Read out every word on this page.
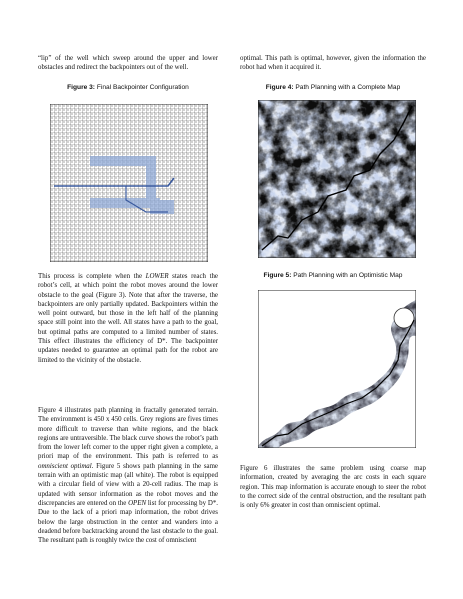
“lip” of the well which sweep around the upper and lower obstacles and redirect the backpointers out of the well.

Figure 3: Final Backpointer Configuration

This process is complete when the LOWER states reach the robot’s cell, at which point the robot moves around the lower obstacle to the goal (Figure 3). Note that after the traverse, the backpointers are only partially updated. Backpointers within the well point outward, but those in the left half of the planning space still point into the well. All states have a path to the goal, but optimal paths are computed to a limited number of states. This effect illustrates the efficiency of D*. The backpointer updates needed to guarantee an optimal path for the robot are limited to the vicinity of the obstacle.

Figure 4 illustrates path planning in fractally generated terrain. The environment is 450 x 450 cells. Grey regions are fives times more difficult to traverse than white regions, and the black regions are untraversible. The black curve shows the robot’s path from the lower left corner to the upper right given a complete, a priori map of the environment. This path is referred to as omniscient optimal. Figure 5 shows path planning in the same terrain with an optimistic map (all white). The robot is equipped with a circular field of view with a 20-cell radius. The map is updated with sensor information as the robot moves and the discrepancies are entered on the OPEN list for processing by D*. Due to the lack of a priori map information, the robot drives below the large obstruction in the center and wanders into a deadend before backtracking around the last obstacle to the goal. The resultant path is roughly twice the cost of omniscient

optimal. This path is optimal, however, given the information the robot had when it acquired it.

Figure 4: Path Planning with a Complete Map
Figure 5: Path Planning with an Optimistic Map

Figure 6 illustrates the same problem using coarse map information, created by averaging the arc costs in each square region. This map information is accurate enough to steer the robot to the correct side of the central obstruction, and the resultant path is only 6% greater in cost than omniscient optimal.
